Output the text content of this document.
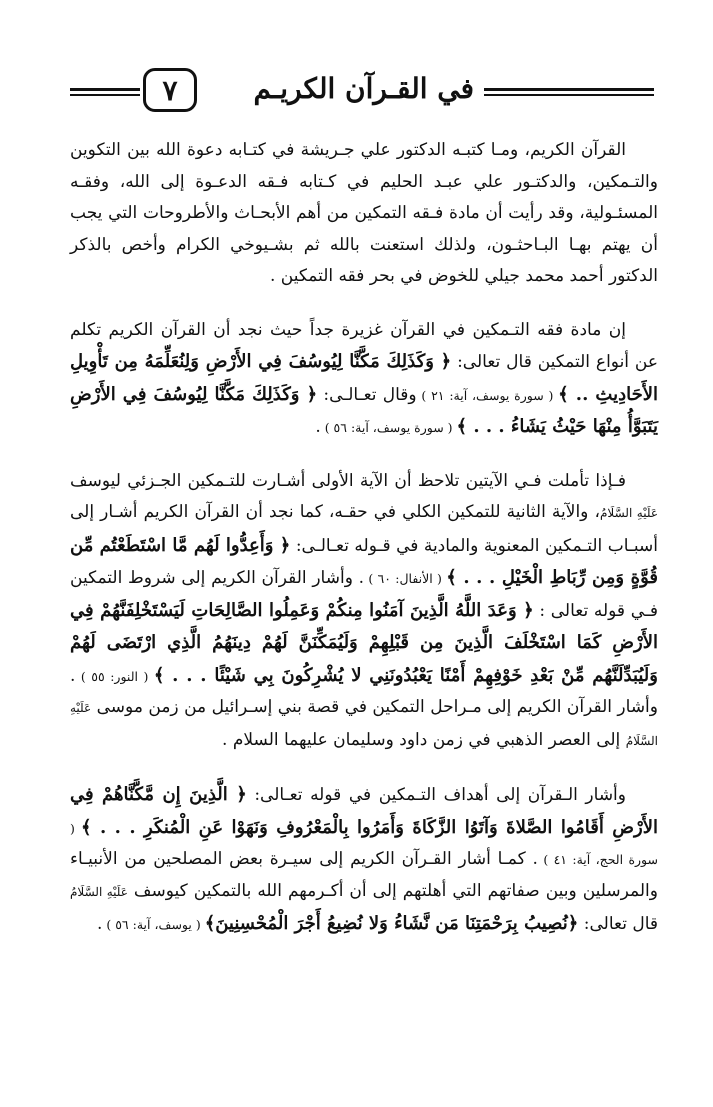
٧	في القـرآن الكريـم

القرآن الكريم، ومـا كتبـه الدكتور علي جـريشة في كتـابه دعوة الله بين التكوين والتـمكين، والدكتـور علي عبـد الحليم في كـتابه فـقه الدعـوة إلى الله، وفقـه المسئـولية، وقد رأيت أن مادة فـقه التمكين من أهم الأبحـاث والأطروحات التي يجب أن يهتم بهـا البـاحثـون، ولذلك استعنت بالله ثم بشـيوخي الكرام وأخص بالذكر الدكتور أحمد محمد جيلي للخوض في بحر فقه التمكين .

إن مادة فقه التـمكين في القرآن غزيرة جداً حيث نجد أن القرآن الكريم تكلم عن أنواع التمكين قال تعالى: ﴿ وَكَذَلِكَ مَكَّنَّا لِيُوسُفَ فِي الأَرْضِ وَلِنُعَلِّمَهُ مِن تَأْوِيلِ الأَحَادِيثِ .. ﴾ ( سورة يوسف، آية: ٢١ ) وقال تعـالـى: ﴿ وَكَذَلِكَ مَكَّنَّا لِيُوسُفَ فِي الأَرْضِ يَتَبَوَّأُ مِنْهَا حَيْثُ يَشَاءُ . . . ﴾ ( سورة يوسف، آية: ٥٦ ) .

فـإذا تأملت فـي الآيتين تلاحظ أن الآية الأولى أشـارت للتـمكين الجـزئي ليوسف عَلَيْهِ السَّلَامُ، والآية الثانية للتمكين الكلي في حقـه، كما نجد أن القرآن الكريم أشـار إلى أسبـاب التـمكين المعنوية والمادية في قـوله تعـالـى: ﴿ وَأَعِدُّوا لَهُم مَّا اسْتَطَعْتُم مِّن قُوَّةٍ وَمِن رِّبَاطِ الْخَيْلِ . . . ﴾ ( الأنفال: ٦٠ ) . وأشار القرآن الكريم إلى شروط التمكين فـي قوله تعالى : ﴿ وَعَدَ اللَّهُ الَّذِينَ آمَنُوا مِنكُمْ وَعَمِلُوا الصَّالِحَاتِ لَيَسْتَخْلِفَنَّهُمْ فِي الأَرْضِ كَمَا اسْتَخْلَفَ الَّذِينَ مِن قَبْلِهِمْ وَلَيُمَكِّنَنَّ لَهُمْ دِينَهُمُ الَّذِي ارْتَضَى لَهُمْ وَلَيُبَدِّلَنَّهُم مِّنْ بَعْدِ خَوْفِهِمْ أَمْنًا يَعْبُدُونَنِي لا يُشْرِكُونَ بِي شَيْئًا . . . ﴾ ( النور: ٥٥ ) . وأشار القرآن الكريم إلى مـراحل التمكين في قصة بني إسـرائيل من زمن موسى عَلَيْهِ السَّلَامُ إلى العصر الذهبي في زمن داود وسليمان عليهما السلام .

وأشار الـقرآن إلى أهداف التـمكين في قوله تعـالى: ﴿ الَّذِينَ إِن مَّكَّنَّاهُمْ فِي الأَرْضِ أَقَامُوا الصَّلاةَ وَآتَوُا الزَّكَاةَ وَأَمَرُوا بِالْمَعْرُوفِ وَنَهَوْا عَنِ الْمُنكَرِ . . . ﴾ ( سورة الحج، آية: ٤١ ) . كمـا أشار القـرآن الكريم إلى سيـرة بعض المصلحين من الأنبيـاء والمرسلين وبين صفاتهم التي أهلتهم إلى أن أكـرمهم الله بالتمكين كيوسف عَلَيْهِ السَّلَامُ قال تعالى: ﴿نُصِيبُ بِرَحْمَتِنَا مَن نَّشَاءُ وَلا نُضِيعُ أَجْرَ الْمُحْسِنِينَ﴾ ( يوسف، آية: ٥٦ ) .
